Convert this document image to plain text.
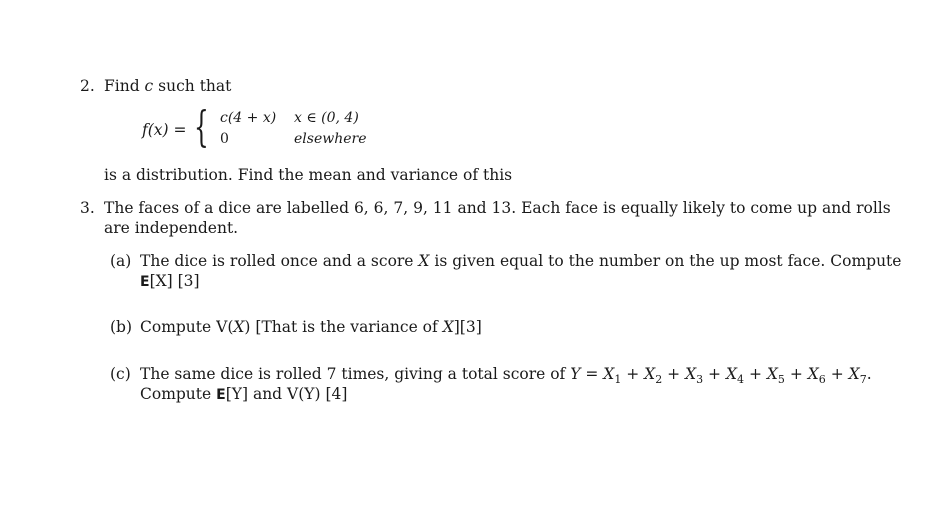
2. Find c such that
f(x) = { c(4 + x) x ∈ (0, 4)
0	elsewhere
is a distribution. Find the mean and variance of this
3. The faces of a dice are labelled 6, 6, 7, 9, 11 and 13. Each face is equally likely to come up and rolls
are independent.
(a) The dice is rolled once and a score X is given equal to the number on the up most face. Compute
E[X] [3]
(b) Compute V(X) [That is the variance of X][3]
(c) The same dice is rolled 7 times, giving a total score of $Y = X_1 + X_2 + X_3 + X_4 + X_5 + X_6 + X_7$.
Compute E[Y] and V(Y) [4]
